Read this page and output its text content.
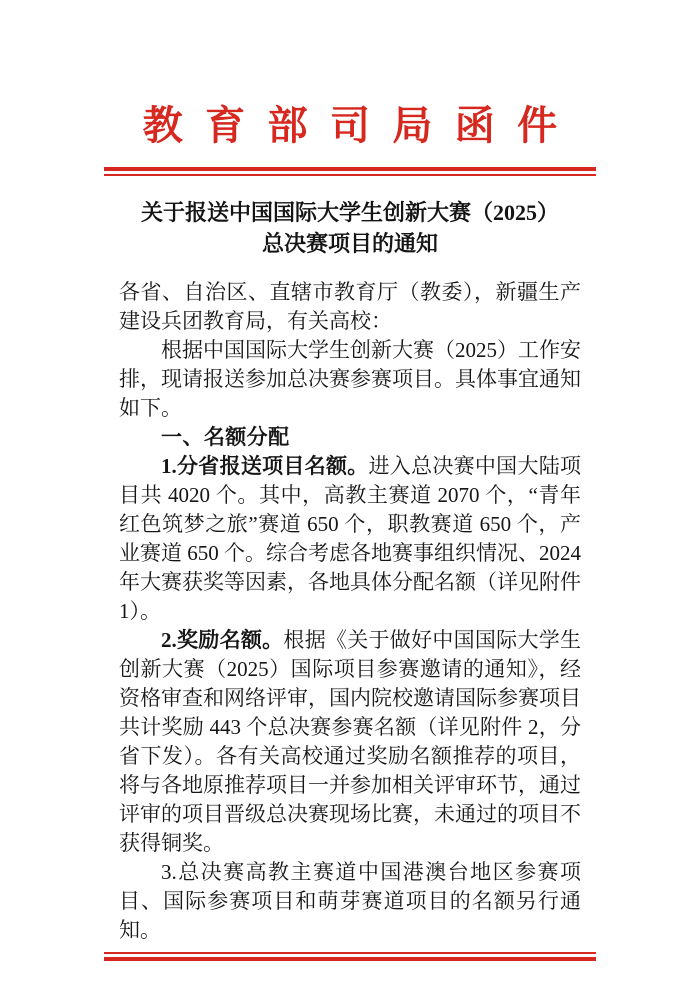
教育部司局函件
关于报送中国国际大学生创新大赛（2025）
总决赛项目的通知

各省、自治区、直辖市教育厅（教委），新疆生产建设兵团教育局，有关高校：

根据中国国际大学生创新大赛（2025）工作安排，现请报送参加总决赛参赛项目。具体事宜通知如下。

一、名额分配

1.分省报送项目名额。进入总决赛中国大陆项目共 4020 个。其中，高教主赛道 2070 个，“青年红色筑梦之旅”赛道 650 个，职教赛道 650 个，产业赛道 650 个。综合考虑各地赛事组织情况、2024 年大赛获奖等因素，各地具体分配名额（详见附件 1）。

2.奖励名额。根据《关于做好中国国际大学生创新大赛（2025）国际项目参赛邀请的通知》，经资格审查和网络评审，国内院校邀请国际参赛项目共计奖励 443 个总决赛参赛名额（详见附件 2，分省下发）。各有关高校通过奖励名额推荐的项目，将与各地原推荐项目一并参加相关评审环节，通过评审的项目晋级总决赛现场比赛，未通过的项目不获得铜奖。

3.总决赛高教主赛道中国港澳台地区参赛项目、国际参赛项目和萌芽赛道项目的名额另行通知。
